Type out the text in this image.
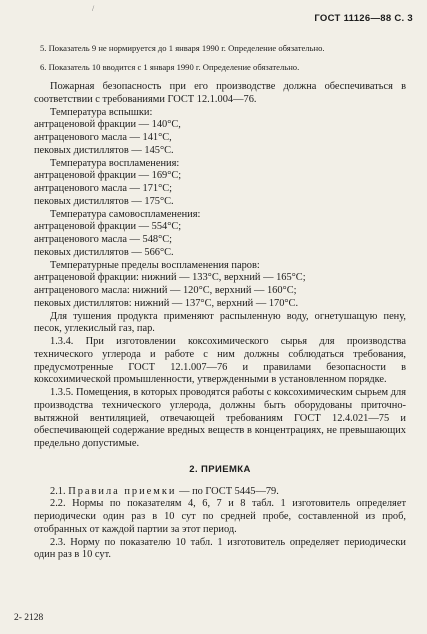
/
ГОСТ 11126—88 С. 3

5. Показатель 9 не нормируется до 1 января 1990 г. Определение обязательно.

6. Показатель 10 вводится с 1 января 1990 г. Определение обязательно.

Пожарная безопасность при его производстве должна обеспечиваться в соответствии с требованиями ГОСТ 12.1.004—76.

Температура вспышки:

антраценовой фракции — 140°С,

антраценового масла — 141°С,

пековых дистиллятов — 145°С.

Температура воспламенения:

антраценовой фракции — 169°С;

антраценового масла — 171°С;

пековых дистиллятов — 175°С.

Температура самовоспламенения:

антраценовой фракции — 554°С;

антраценового масла — 548°С;

пековых дистиллятов — 566°С.

Температурные пределы воспламенения паров:

антраценовой фракции: нижний — 133°С, верхний — 165°С;

антраценового масла: нижний — 120°С, верхний — 160°С;

пековых дистиллятов: нижний — 137°С, верхний — 170°С.

Для тушения продукта применяют распыленную воду, огнетушащую пену, песок, углекислый газ, пар.

1.3.4. При изготовлении коксохимического сырья для производства технического углерода и работе с ним должны соблюдаться требования, предусмотренные ГОСТ 12.1.007—76 и правилами безопасности в коксохимической промышленности, утвержденными в установленном порядке.

1.3.5. Помещения, в которых проводятся работы с коксохимическим сырьем для производства технического углерода, должны быть оборудованы приточно-вытяжной вентиляцией, отвечающей требованиям ГОСТ 12.4.021—75 и обеспечивающей содержание вредных веществ в концентрациях, не превышающих предельно допустимые.

2. ПРИЕМКА

2.1. Правила приемки — по ГОСТ 5445—79.

2.2. Нормы по показателям 4, 6, 7 и 8 табл. 1 изготовитель определяет периодически один раз в 10 сут по средней пробе, составленной из проб, отобранных от каждой партии за этот период.

2.3. Норму по показателю 10 табл. 1 изготовитель определяет периодически один раз в 10 сут.

2- 2128
